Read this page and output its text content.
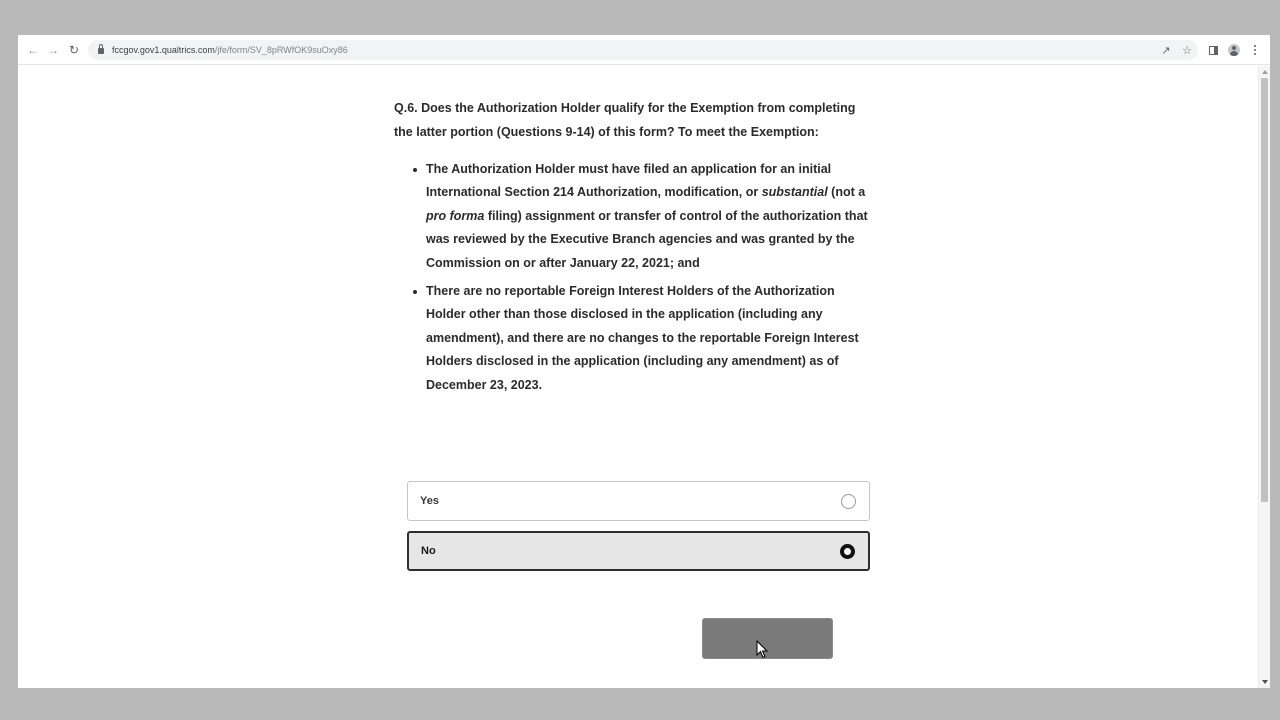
← → ↻	fccgov.gov1.qualtrics.com/jfe/form/SV_8pRWfOK9suOxy86	↗ ☆
Q.6. Does the Authorization Holder qualify for the Exemption from completing the latter portion (Questions 9-14) of this form? To meet the Exemption:
The Authorization Holder must have filed an application for an initial International Section 214 Authorization, modification, or substantial (not a pro forma filing) assignment or transfer of control of the authorization that was reviewed by the Executive Branch agencies and was granted by the Commission on or after January 22, 2021; and
There are no reportable Foreign Interest Holders of the Authorization Holder other than those disclosed in the application (including any amendment), and there are no changes to the reportable Foreign Interest Holders disclosed in the application (including any amendment) as of December 23, 2023.
Yes
No
